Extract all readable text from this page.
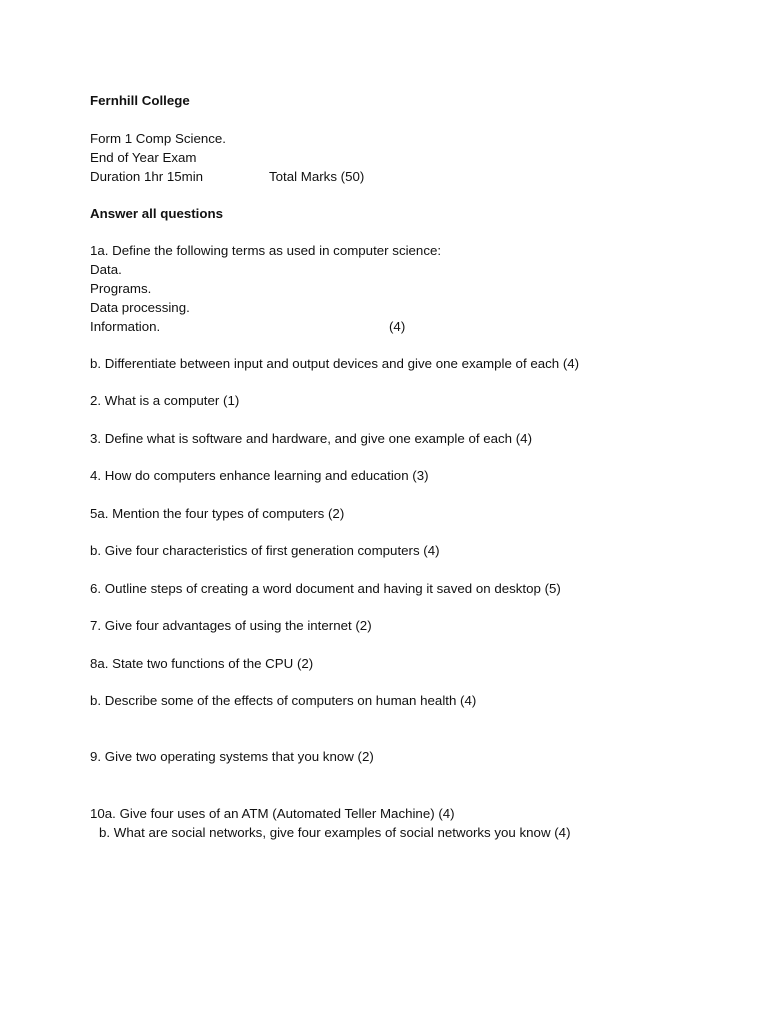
Fernhill College
Form 1 Comp Science.
End of Year Exam
Duration 1hr 15min	Total Marks (50)
Answer all questions
1a. Define the following terms as used in computer science:
Data.
Programs.
Data processing.
Information.	(4)
b. Differentiate between input and output devices and give one example of each (4)
2. What is a computer (1)
3. Define what is software and hardware, and give one example of each (4)
4. How do computers enhance learning and education (3)
5a. Mention the four types of computers (2)
b. Give four characteristics of first generation computers (4)
6. Outline steps of creating a word document and having it saved on desktop (5)
7. Give four advantages of using the internet (2)
8a. State two functions of the CPU (2)
b. Describe some of the effects of computers on human health (4)
9. Give two operating systems that you know (2)
10a. Give four uses of an ATM (Automated Teller Machine) (4)
b. What are social networks, give four examples of social networks you know (4)
